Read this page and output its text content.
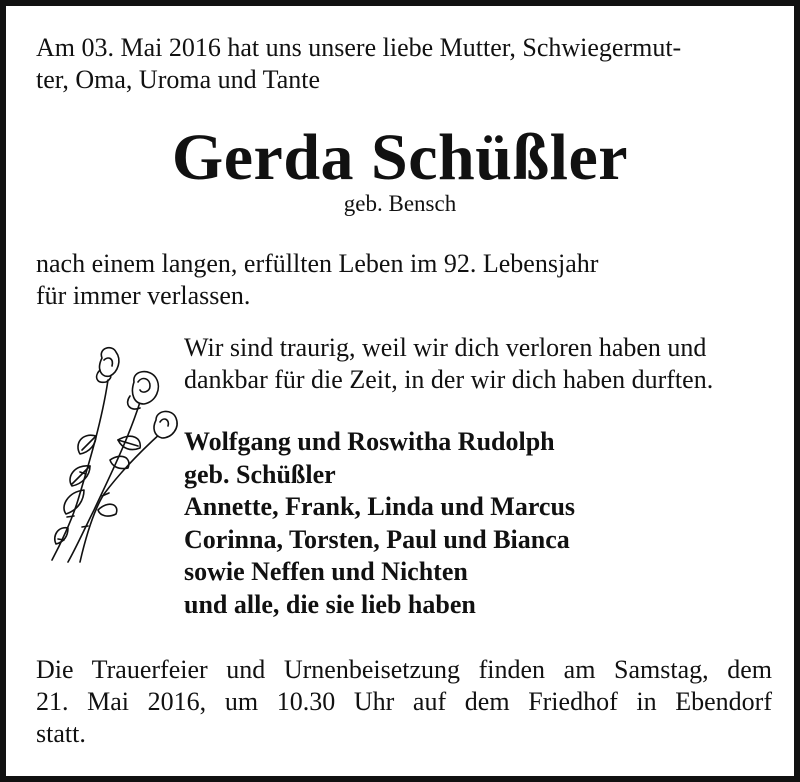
Am 03. Mai 2016 hat uns unsere liebe Mutter, Schwiegermut-
ter, Oma, Uroma und Tante

Gerda Schüßler

geb. Bensch

nach einem langen, erfüllten Leben im 92. Lebensjahr
für immer verlassen.

Wir sind traurig, weil wir dich verloren haben und
dankbar für die Zeit, in der wir dich haben durften.

Wolfgang und Roswitha Rudolph
geb. Schüßler
Annette, Frank, Linda und Marcus
Corinna, Torsten, Paul und Bianca
sowie Neffen und Nichten
und alle, die sie lieb haben

Die Trauerfeier und Urnenbeisetzung finden am Samstag, dem
21. Mai 2016, um 10.30 Uhr auf dem Friedhof in Ebendorf
statt.
